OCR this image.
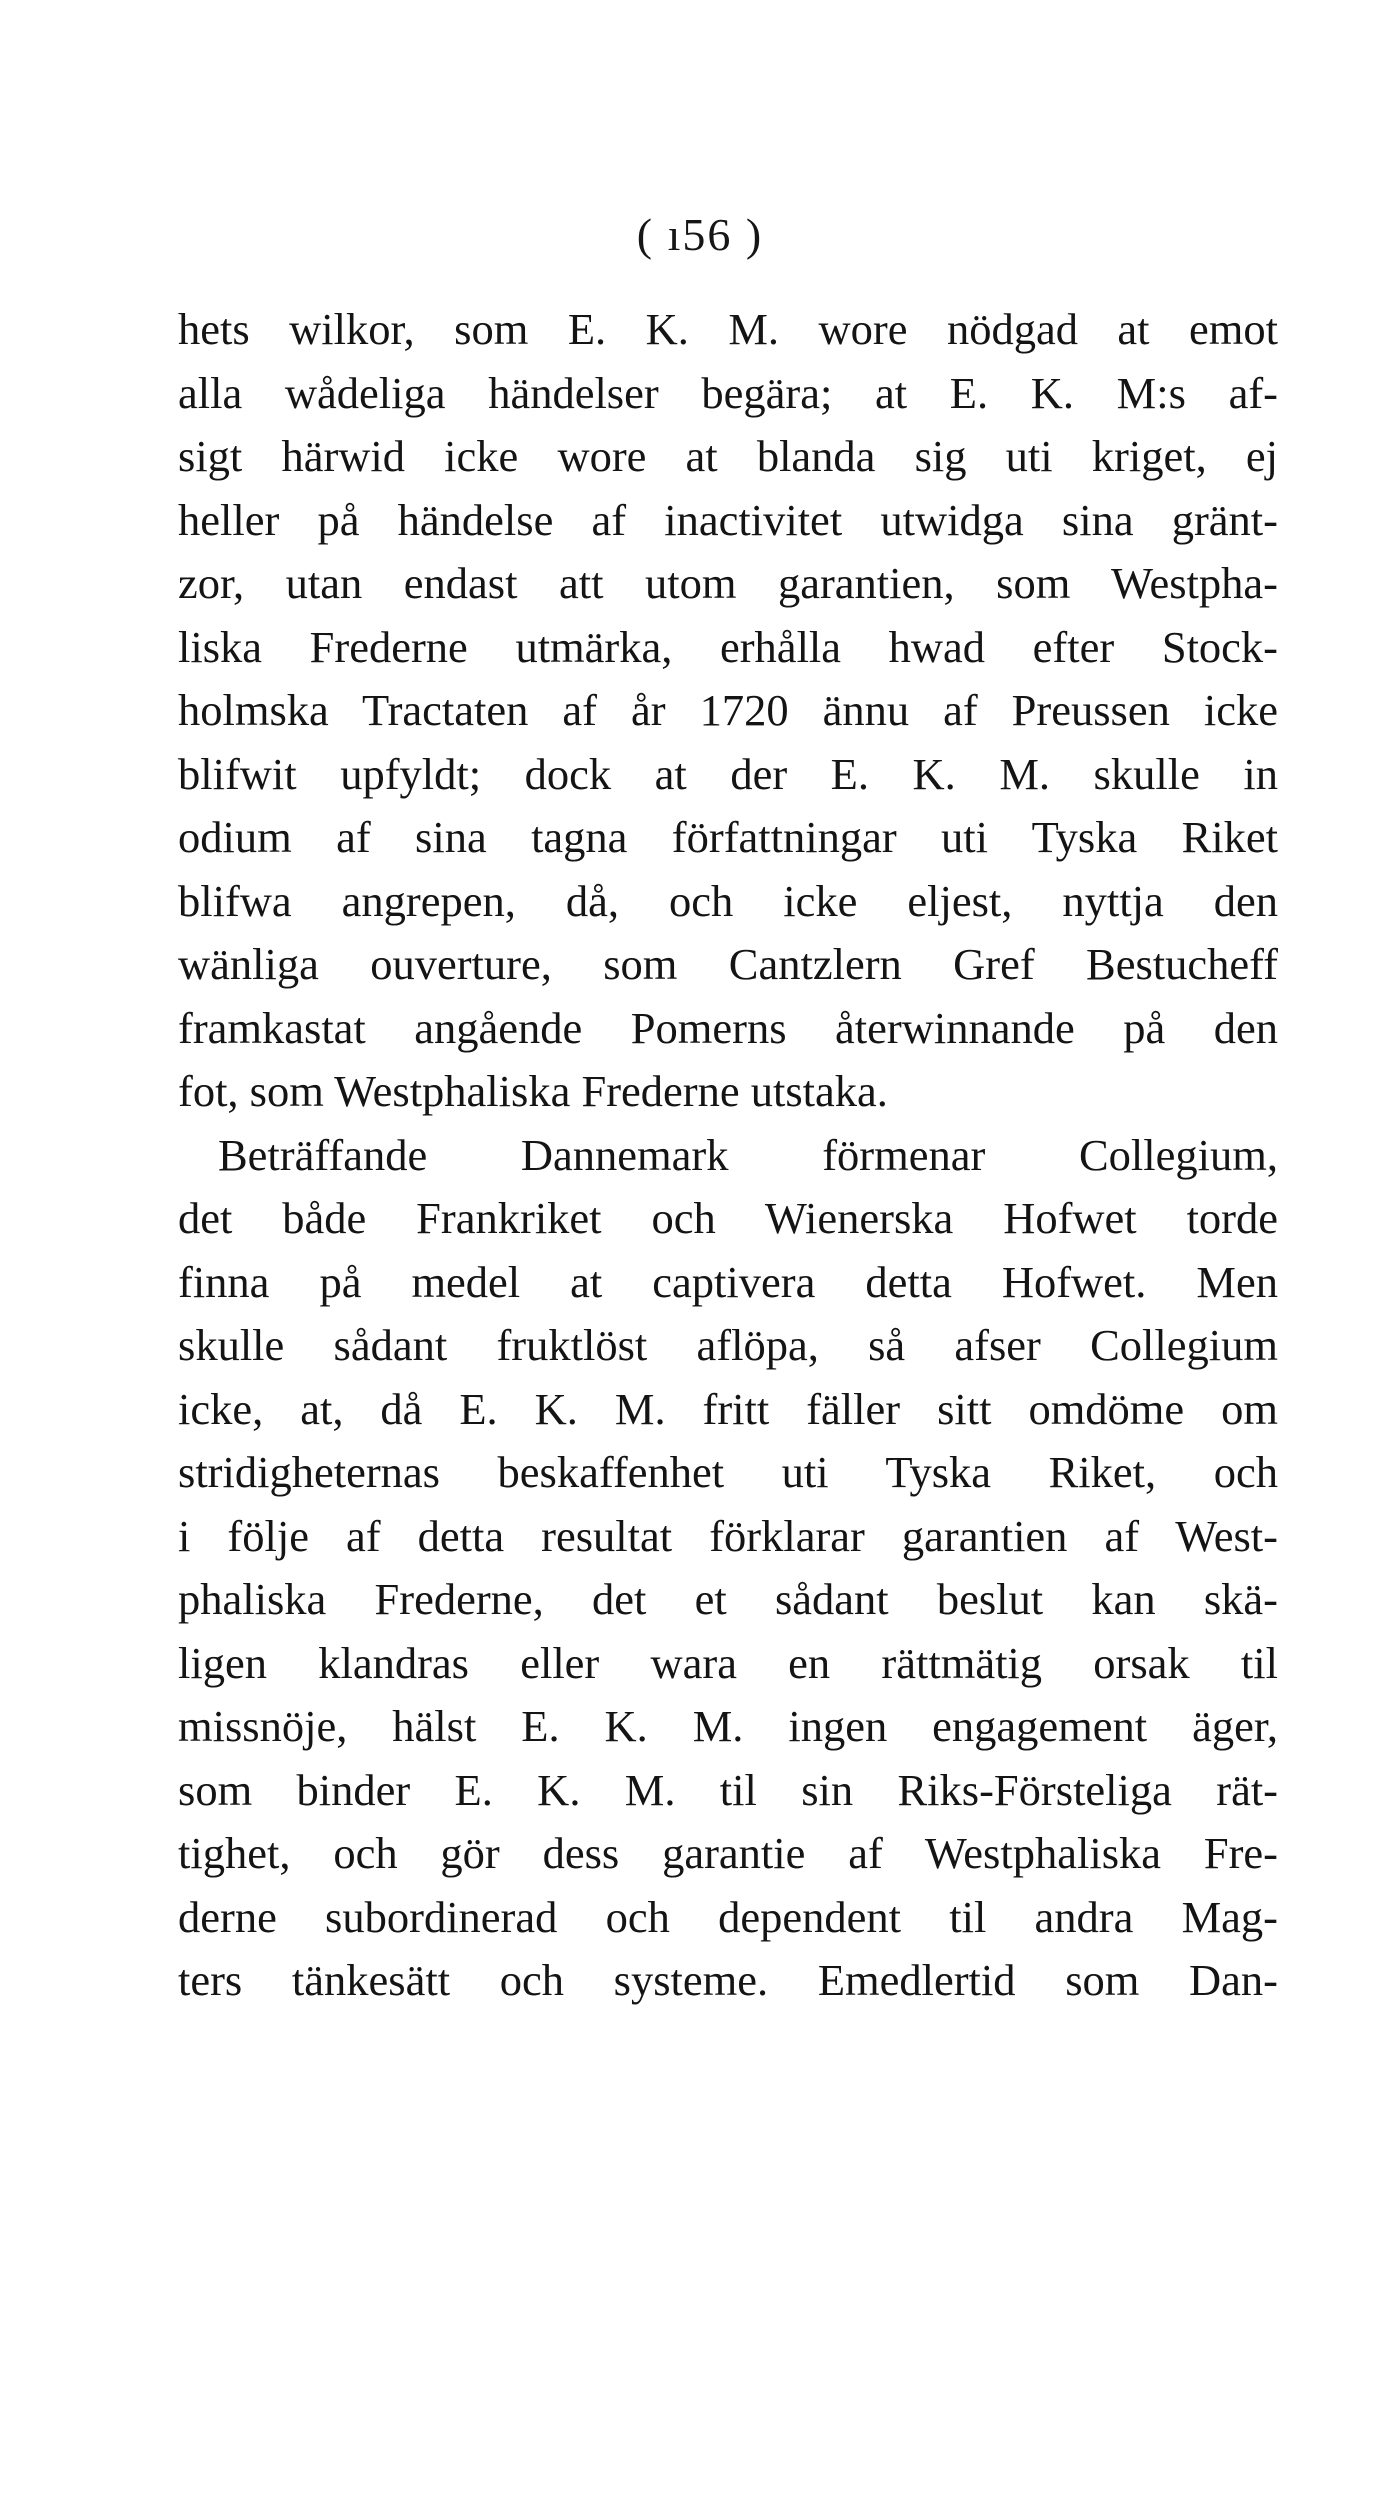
( ı56 )
hets wilkor, som E. K. M. wore nödgad at emot
alla wådeliga händelser begära; at E. K. M:s af-
sigt härwid icke wore at blanda sig uti kriget, ej
heller på händelse af inactivitet utwidga sina gränt-
zor, utan endast att utom garantien, som Westpha-
liska Frederne utmärka, erhålla hwad efter Stock-
holmska Tractaten af år 1720 ännu af Preussen icke
blifwit upfyldt; dock at der E. K. M. skulle in
odium af sina tagna författningar uti Tyska Riket
blifwa angrepen, då, och icke eljest, nyttja den
wänliga ouverture, som Cantzlern Gref Bestucheff
framkastat angående Pomerns återwinnande på den
fot, som Westphaliska Frederne utstaka.
Beträffande Dannemark förmenar Collegium,
det både Frankriket och Wienerska Hofwet torde
finna på medel at captivera detta Hofwet. Men
skulle sådant fruktlöst aflöpa, så afser Collegium
icke, at, då E. K. M. fritt fäller sitt omdöme om
stridigheternas beskaffenhet uti Tyska Riket, och
i följe af detta resultat förklarar garantien af West-
phaliska Frederne, det et sådant beslut kan skä-
ligen klandras eller wara en rättmätig orsak til
missnöje, hälst E. K. M. ingen engagement äger,
som binder E. K. M. til sin Riks-Försteliga rät-
tighet, och gör dess garantie af Westphaliska Fre-
derne subordinerad och dependent til andra Mag-
ters tänkesätt och systeme. Emedlertid som Dan-
